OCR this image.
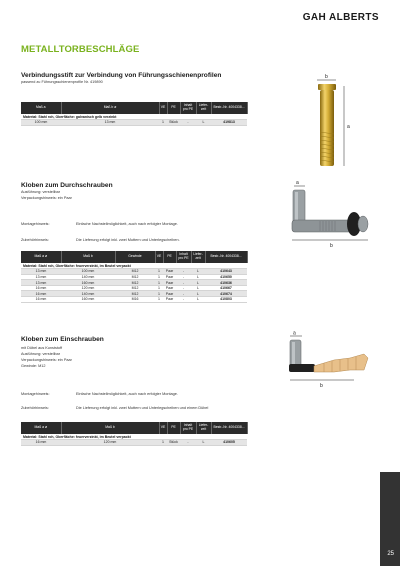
GAH ALBERTS
METALLTORBESCHLÄGE
Verbindungsstift zur Verbindung von Führungsschienenprofilen
passend zu Führungsschienenprofile Nr. 419890
Maß a	Maß b ø	VE	PE	Inhalt pro PE	Liefer-zeit	Bestr.-Nr. 4004338...
Material: Stahl roh, Oberfläche: galvanisch gelb verzinkt						
100 mm	13 mm	1	Stück	-	L	419813
b
a
Kloben zum Durchschrauben
Ausführung: verstellbar
Verpackungshinweis: ein Paar
Montagehinweis:	Einfache Nachstellmöglichkeit, auch nach erfolgter Montage.
Zubehörhinweis:	Die Lieferung erfolgt inkl. zwei Muttern und Unterlegscheiben.
Maß a ø	Maß b	Gewinde	VE	PE	Inhalt pro PE	Liefer-zeit	Bestr.-Nr. 4004338...
Material: Stahl roh, Oberfläche: feuerverzinkt, im Beutel verpackt							
13 mm	100 mm	M12	1	Paar	-	L	410643
13 mm	140 mm	M12	1	Paar	-	L	410650
13 mm	160 mm	M12	1	Paar	-	L	410636
16 mm	120 mm	M12	1	Paar	-	L	410667
16 mm	140 mm	M12	1	Paar	-	L	410674
16 mm	160 mm	M16	1	Paar	-	L	410803
a
b
Kloben zum Einschrauben
mit Dübel aus Kunststoff
Ausführung: verstellbar
Verpackungshinweis: ein Paar
Gewinde: M12
Montagehinweis:	Einfache Nachstellmöglichkeit, auch nach erfolgter Montage.
Zubehörhinweis:	Die Lieferung erfolgt inkl. zwei Muttern und Unterlegscheiben und einem Dübel
Maß a ø	Maß b	VE	PE	Inhalt pro PE	Liefer-zeit	Bestr.-Nr. 4004338...
Material: Stahl roh, Oberfläche: feuerverzinkt, im Beutel verpackt						
16 mm	120 mm	1	Stück	-	L	410605
a
b
25
